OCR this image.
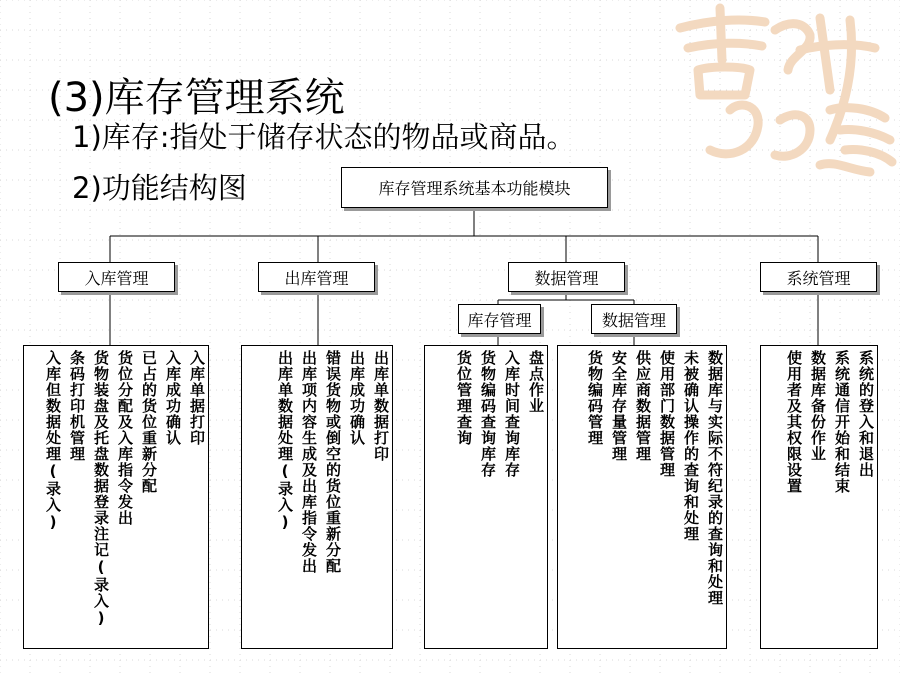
(3)库存管理系统
1)库存:指处于储存状态的物品或商品。
2)功能结构图	库存管理系统基本功能模块
入库管理	出库管理	数据管理	系统管理
库存管理	数据管理
入库单据打印
入库成功确认
已占的货位重新分配
货位分配及入库指令发出
货物装盘及托盘数据登录注记(录入)
条码打印机管理
入库但数据处理(录入)	出库单数据打印
出库成功确认
错误货物或倒空的货位重新分配
出库项内容生成及出库指令发出
出库单数据处理(录入)	盘点作业
入库时间查询库存
货物编码查询库存
货位管理查询	数据库与实际不符纪录的查询和处理
未被确认操作的查询和处理
使用部门数据管理
供应商数据管理
安全库存量管理
货物编码管理	系统的登入和退出
系统通信开始和结束
数据库备份作业
使用者及其权限设置
